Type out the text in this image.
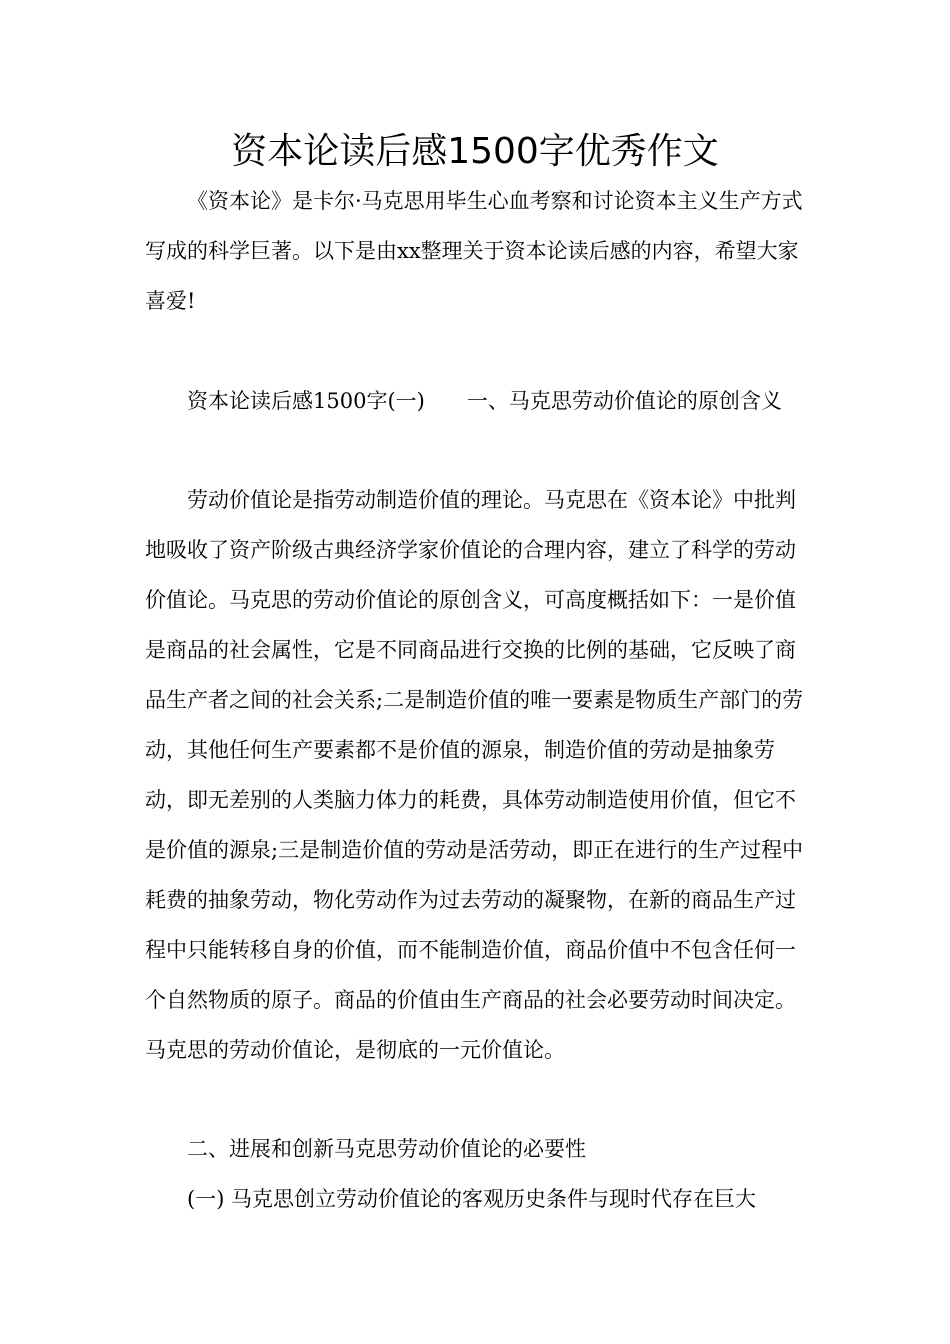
资本论读后感1500字优秀作文

《资本论》是卡尔·马克思用毕生心血考察和讨论资本主义生产方式写成的科学巨著。以下是由xx整理关于资本论读后感的内容，希望大家喜爱!

资本论读后感1500字(一) 一、马克思劳动价值论的原创含义

劳动价值论是指劳动制造价值的理论。马克思在《资本论》中批判地吸收了资产阶级古典经济学家价值论的合理内容，建立了科学的劳动价值论。马克思的劳动价值论的原创含义，可高度概括如下：一是价值是商品的社会属性，它是不同商品进行交换的比例的基础，它反映了商品生产者之间的社会关系;二是制造价值的唯一要素是物质生产部门的劳动，其他任何生产要素都不是价值的源泉，制造价值的劳动是抽象劳动，即无差别的人类脑力体力的耗费，具体劳动制造使用价值，但它不是价值的源泉;三是制造价值的劳动是活劳动，即正在进行的生产过程中耗费的抽象劳动，物化劳动作为过去劳动的凝聚物，在新的商品生产过程中只能转移自身的价值，而不能制造价值，商品价值中不包含任何一个自然物质的原子。商品的价值由生产商品的社会必要劳动时间决定。马克思的劳动价值论，是彻底的一元价值论。

二、进展和创新马克思劳动价值论的必要性

(一) 马克思创立劳动价值论的客观历史条件与现时代存在巨大
